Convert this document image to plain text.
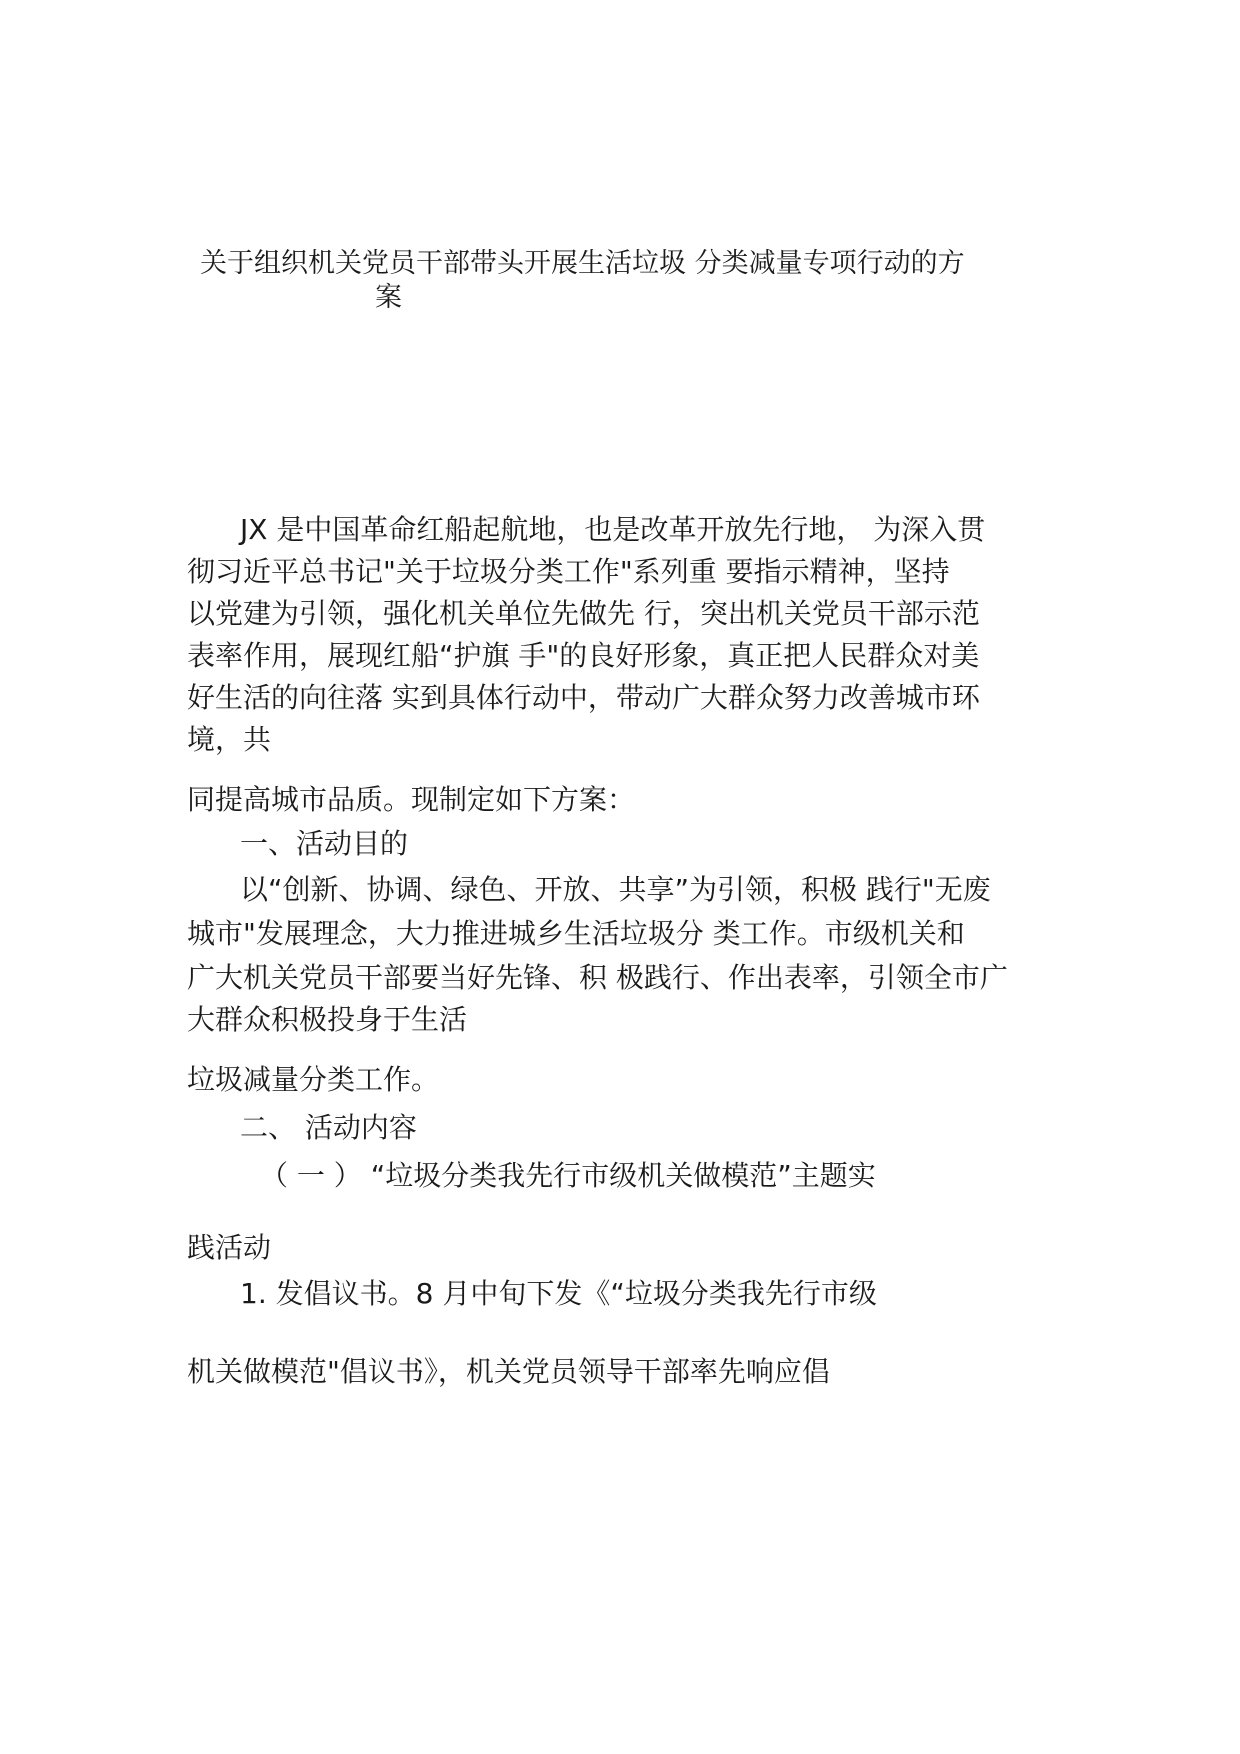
关于组织机关党员干部带头开展生活垃圾 分类减量专项行动的方
案
JX 是中国革命红船起航地，也是改革开放先行地， 为深入贯
彻习近平总书记"关于垃圾分类工作"系列重 要指示精神，坚持
以党建为引领，强化机关单位先做先 行，突出机关党员干部示范
表率作用，展现红船“护旗 手"的良好形象，真正把人民群众对美
好生活的向往落 实到具体行动中，带动广大群众努力改善城市环
境，共
同提高城市品质。现制定如下方案：
一、活动目的
以“创新、协调、绿色、开放、共享”为引领，积极 践行"无废
城市"发展理念，大力推进城乡生活垃圾分 类工作。市级机关和
广大机关党员干部要当好先锋、积 极践行、作出表率，引领全市广
大群众积极投身于生活
垃圾减量分类工作。
二、 活动内容
（ 一 ） “垃圾分类我先行市级机关做模范”主题实
践活动
1. 发倡议书。8 月中旬下发《“垃圾分类我先行市级
机关做模范"倡议书》，机关党员领导干部率先响应倡
